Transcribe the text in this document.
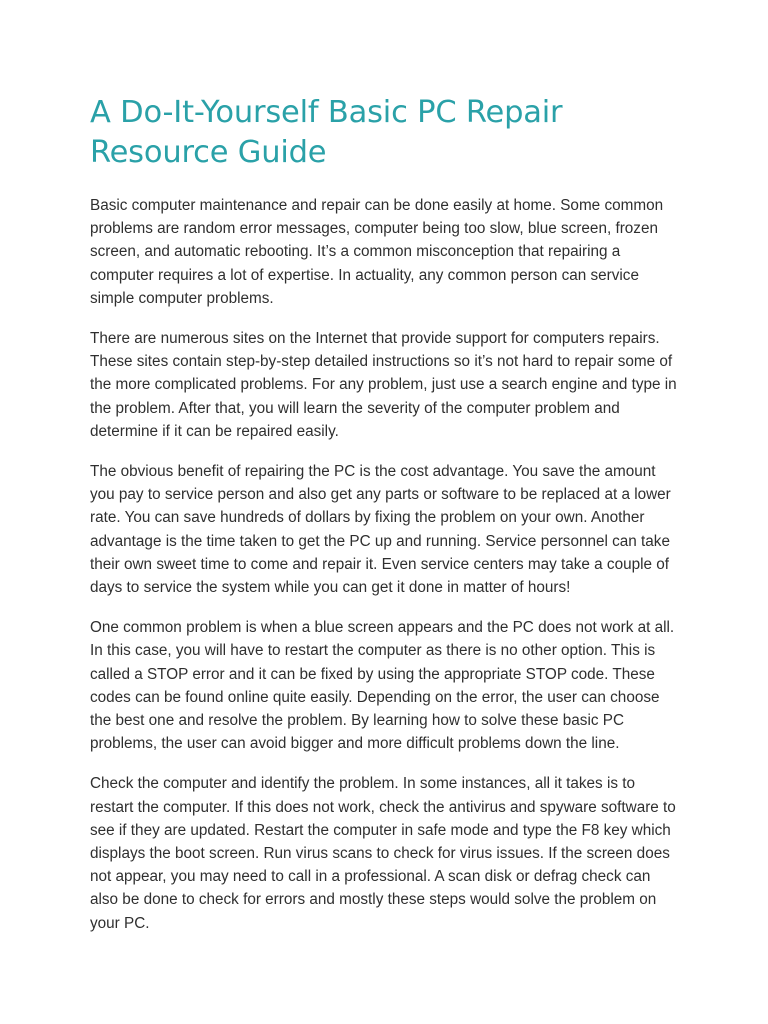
A Do-It-Yourself Basic PC Repair Resource Guide

Basic computer maintenance and repair can be done easily at home. Some common problems are random error messages, computer being too slow, blue screen, frozen screen, and automatic rebooting. It’s a common misconception that repairing a computer requires a lot of expertise. In actuality, any common person can service simple computer problems.

There are numerous sites on the Internet that provide support for computers repairs. These sites contain step-by-step detailed instructions so it’s not hard to repair some of the more complicated problems. For any problem, just use a search engine and type in the problem. After that, you will learn the severity of the computer problem and determine if it can be repaired easily.

The obvious benefit of repairing the PC is the cost advantage. You save the amount you pay to service person and also get any parts or software to be replaced at a lower rate. You can save hundreds of dollars by fixing the problem on your own. Another advantage is the time taken to get the PC up and running. Service personnel can take their own sweet time to come and repair it. Even service centers may take a couple of days to service the system while you can get it done in matter of hours!

One common problem is when a blue screen appears and the PC does not work at all. In this case, you will have to restart the computer as there is no other option. This is called a STOP error and it can be fixed by using the appropriate STOP code. These codes can be found online quite easily. Depending on the error, the user can choose the best one and resolve the problem. By learning how to solve these basic PC problems, the user can avoid bigger and more difficult problems down the line.

Check the computer and identify the problem. In some instances, all it takes is to restart the computer. If this does not work, check the antivirus and spyware software to see if they are updated. Restart the computer in safe mode and type the F8 key which displays the boot screen. Run virus scans to check for virus issues. If the screen does not appear, you may need to call in a professional. A scan disk or defrag check can also be done to check for errors and mostly these steps would solve the problem on your PC.
